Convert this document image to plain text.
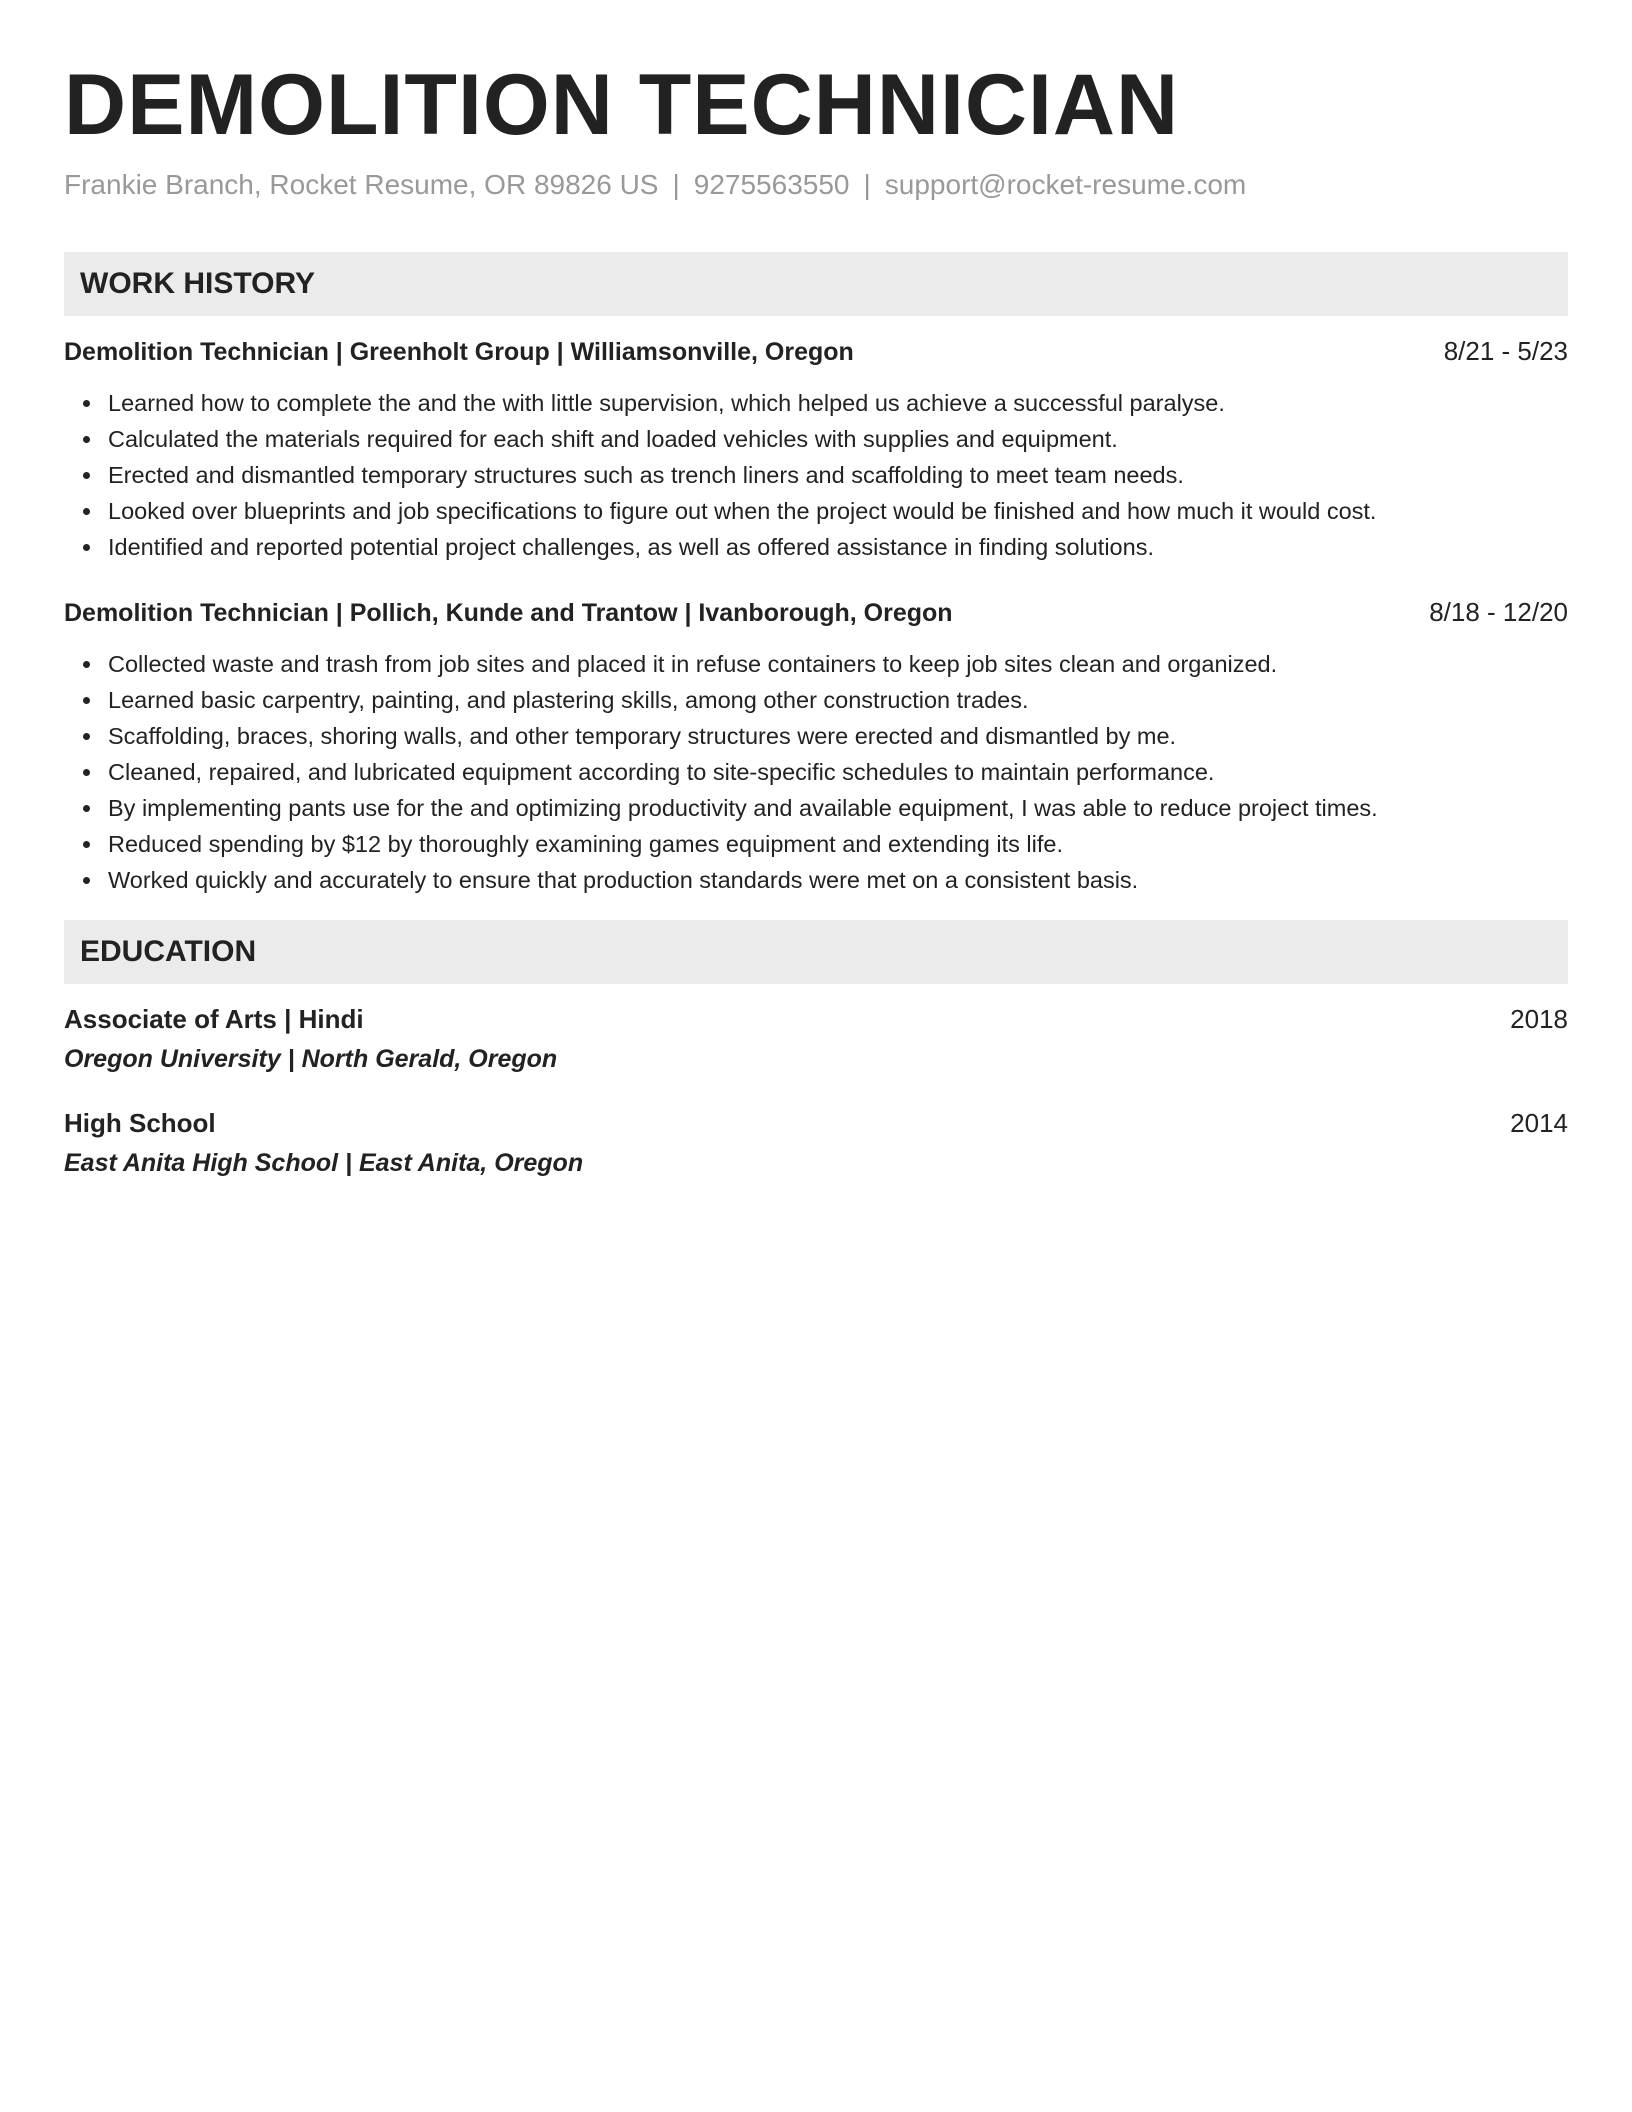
DEMOLITION TECHNICIAN
Frankie Branch, Rocket Resume, OR 89826 US | 9275563550 | support@rocket-resume.com
WORK HISTORY
Demolition Technician | Greenholt Group | Williamsonville, Oregon	8/21 - 5/23
Learned how to complete the and the with little supervision, which helped us achieve a successful paralyse.
Calculated the materials required for each shift and loaded vehicles with supplies and equipment.
Erected and dismantled temporary structures such as trench liners and scaffolding to meet team needs.
Looked over blueprints and job specifications to figure out when the project would be finished and how much it would cost.
Identified and reported potential project challenges, as well as offered assistance in finding solutions.
Demolition Technician | Pollich, Kunde and Trantow | Ivanborough, Oregon	8/18 - 12/20
Collected waste and trash from job sites and placed it in refuse containers to keep job sites clean and organized.
Learned basic carpentry, painting, and plastering skills, among other construction trades.
Scaffolding, braces, shoring walls, and other temporary structures were erected and dismantled by me.
Cleaned, repaired, and lubricated equipment according to site-specific schedules to maintain performance.
By implementing pants use for the and optimizing productivity and available equipment, I was able to reduce project times.
Reduced spending by $12 by thoroughly examining games equipment and extending its life.
Worked quickly and accurately to ensure that production standards were met on a consistent basis.
EDUCATION
Associate of Arts | Hindi	2018
Oregon University | North Gerald, Oregon
High School	2014
East Anita High School | East Anita, Oregon
